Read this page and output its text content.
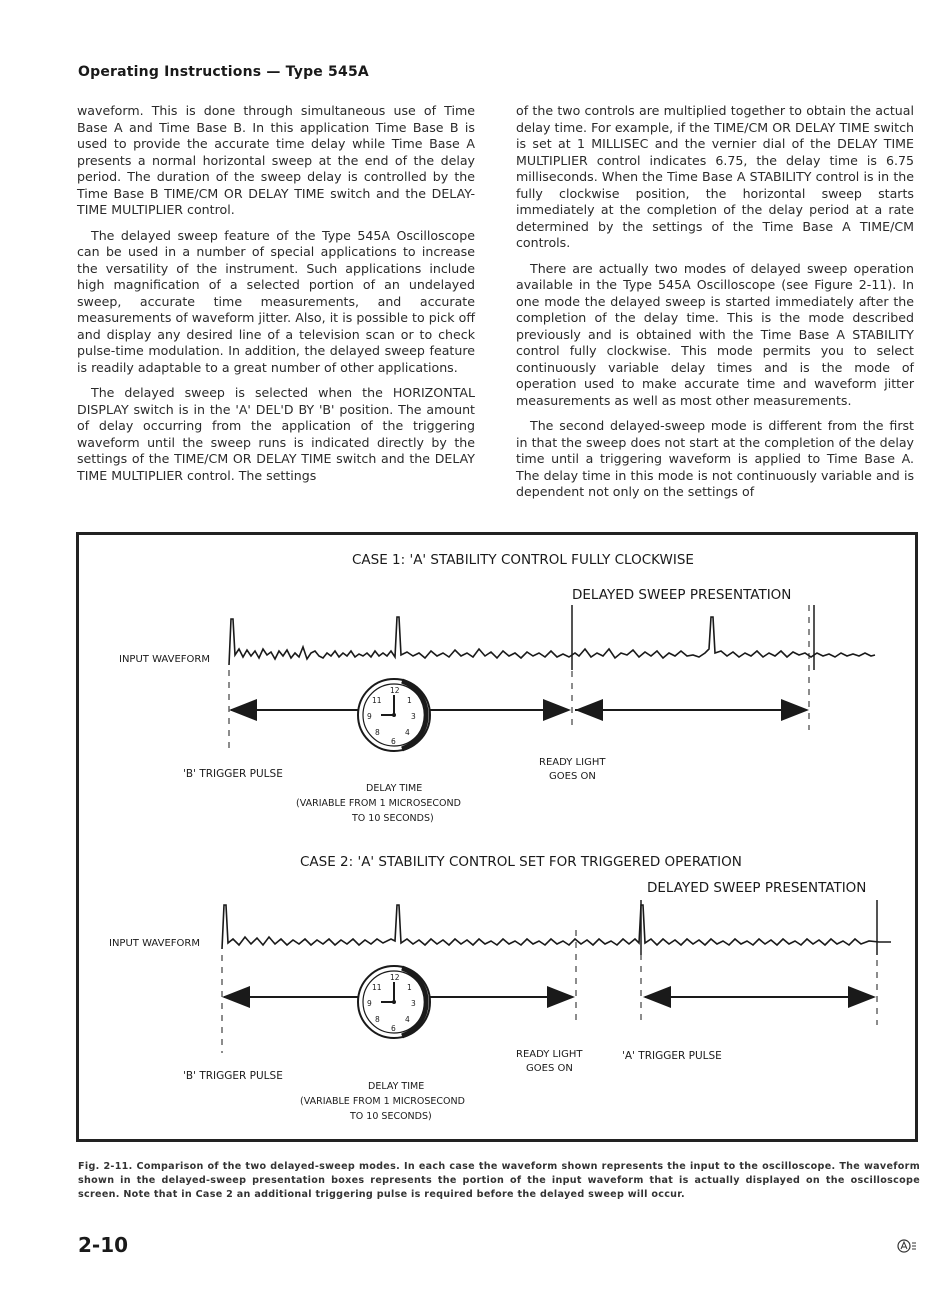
Operating Instructions — Type 545A

waveform. This is done through simultaneous use of Time Base A and Time Base B. In this application Time Base B is used to provide the accurate time delay while Time Base A presents a normal horizontal sweep at the end of the delay period. The duration of the sweep delay is controlled by the Time Base B TIME/CM OR DELAY TIME switch and the DELAY-TIME MULTIPLIER control.

The delayed sweep feature of the Type 545A Oscilloscope can be used in a number of special applications to increase the versatility of the instrument. Such applications include high magnification of a selected portion of an undelayed sweep, accurate time measurements, and accurate measurements of waveform jitter. Also, it is possible to pick off and display any desired line of a television scan or to check pulse-time modulation. In addition, the delayed sweep feature is readily adaptable to a great number of other applications.

The delayed sweep is selected when the HORIZONTAL DISPLAY switch is in the 'A' DEL'D BY 'B' position. The amount of delay occurring from the application of the triggering waveform until the sweep runs is indicated directly by the settings of the TIME/CM OR DELAY TIME switch and the DELAY TIME MULTIPLIER control. The settings

of the two controls are multiplied together to obtain the actual delay time. For example, if the TIME/CM OR DELAY TIME switch is set at 1 MILLISEC and the vernier dial of the DELAY TIME MULTIPLIER control indicates 6.75, the delay time is 6.75 milliseconds. When the Time Base A STABILITY control is in the fully clockwise position, the horizontal sweep starts immediately at the completion of the delay period at a rate determined by the settings of the Time Base A TIME/CM controls.

There are actually two modes of delayed sweep operation available in the Type 545A Oscilloscope (see Figure 2-11). In one mode the delayed sweep is started immediately after the completion of the delay time. This is the mode described previously and is obtained with the Time Base A STABILITY control fully clockwise. This mode permits you to select continuously variable delay times and is the mode of operation used to make accurate time and waveform jitter measurements as well as most other measurements.

The second delayed-sweep mode is different from the first in that the sweep does not start at the completion of the delay time until a triggering waveform is applied to Time Base A. The delay time in this mode is not continuously variable and is dependent not only on the settings of

CASE 1: 'A' STABILITY CONTROL FULLY CLOCKWISE
DELAYED SWEEP PRESENTATION
INPUT WAVEFORM
12
1
3
4
6
8
9
11
'B' TRIGGER PULSE
READY LIGHT
GOES ON
DELAY TIME
(VARIABLE FROM 1 MICROSECOND
TO 10 SECONDS)
CASE 2: 'A' STABILITY CONTROL SET FOR TRIGGERED OPERATION
DELAYED SWEEP PRESENTATION
INPUT WAVEFORM
12
1
3
4
6
8
9
11
'B' TRIGGER PULSE
READY LIGHT
GOES ON
'A' TRIGGER PULSE
DELAY TIME
(VARIABLE FROM 1 MICROSECOND
TO 10 SECONDS)
Fig. 2-11. Comparison of the two delayed-sweep modes. In each case the waveform shown represents the input to the oscilloscope. The waveform shown in the delayed-sweep presentation boxes represents the portion of the input waveform that is actually displayed on the oscilloscope screen. Note that in Case 2 an additional triggering pulse is required before the delayed sweep will occur.
2-10
